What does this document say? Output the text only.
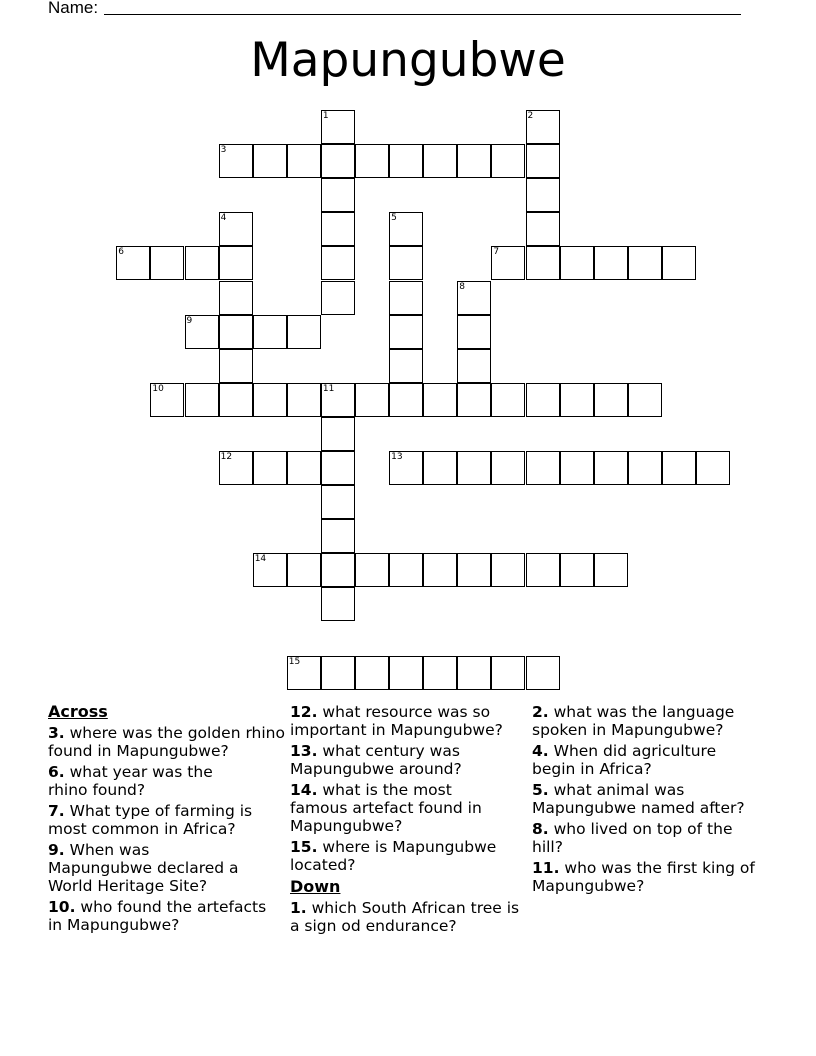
Name:
Mapungubwe
1	2
3
4	5
6	7
8
9
10	11
12	13
14
15
Across
3. where was the golden rhino found in Mapungubwe?
6. what year was the rhino found?
7. What type of farming is most common in Africa?
9. When was Mapungubwe declared a World Heritage Site?
10. who found the artefacts in Mapungubwe?
12. what resource was so important in Mapungubwe?
13. what century was Mapungubwe around?
14. what is the most famous artefact found in Mapungubwe?
15. where is Mapungubwe located?
Down
1. which South African tree is a sign od endurance?
2. what was the language spoken in Mapungubwe?
4. When did agriculture begin in Africa?
5. what animal was Mapungubwe named after?
8. who lived on top of the hill?
11. who was the first king of Mapungubwe?
